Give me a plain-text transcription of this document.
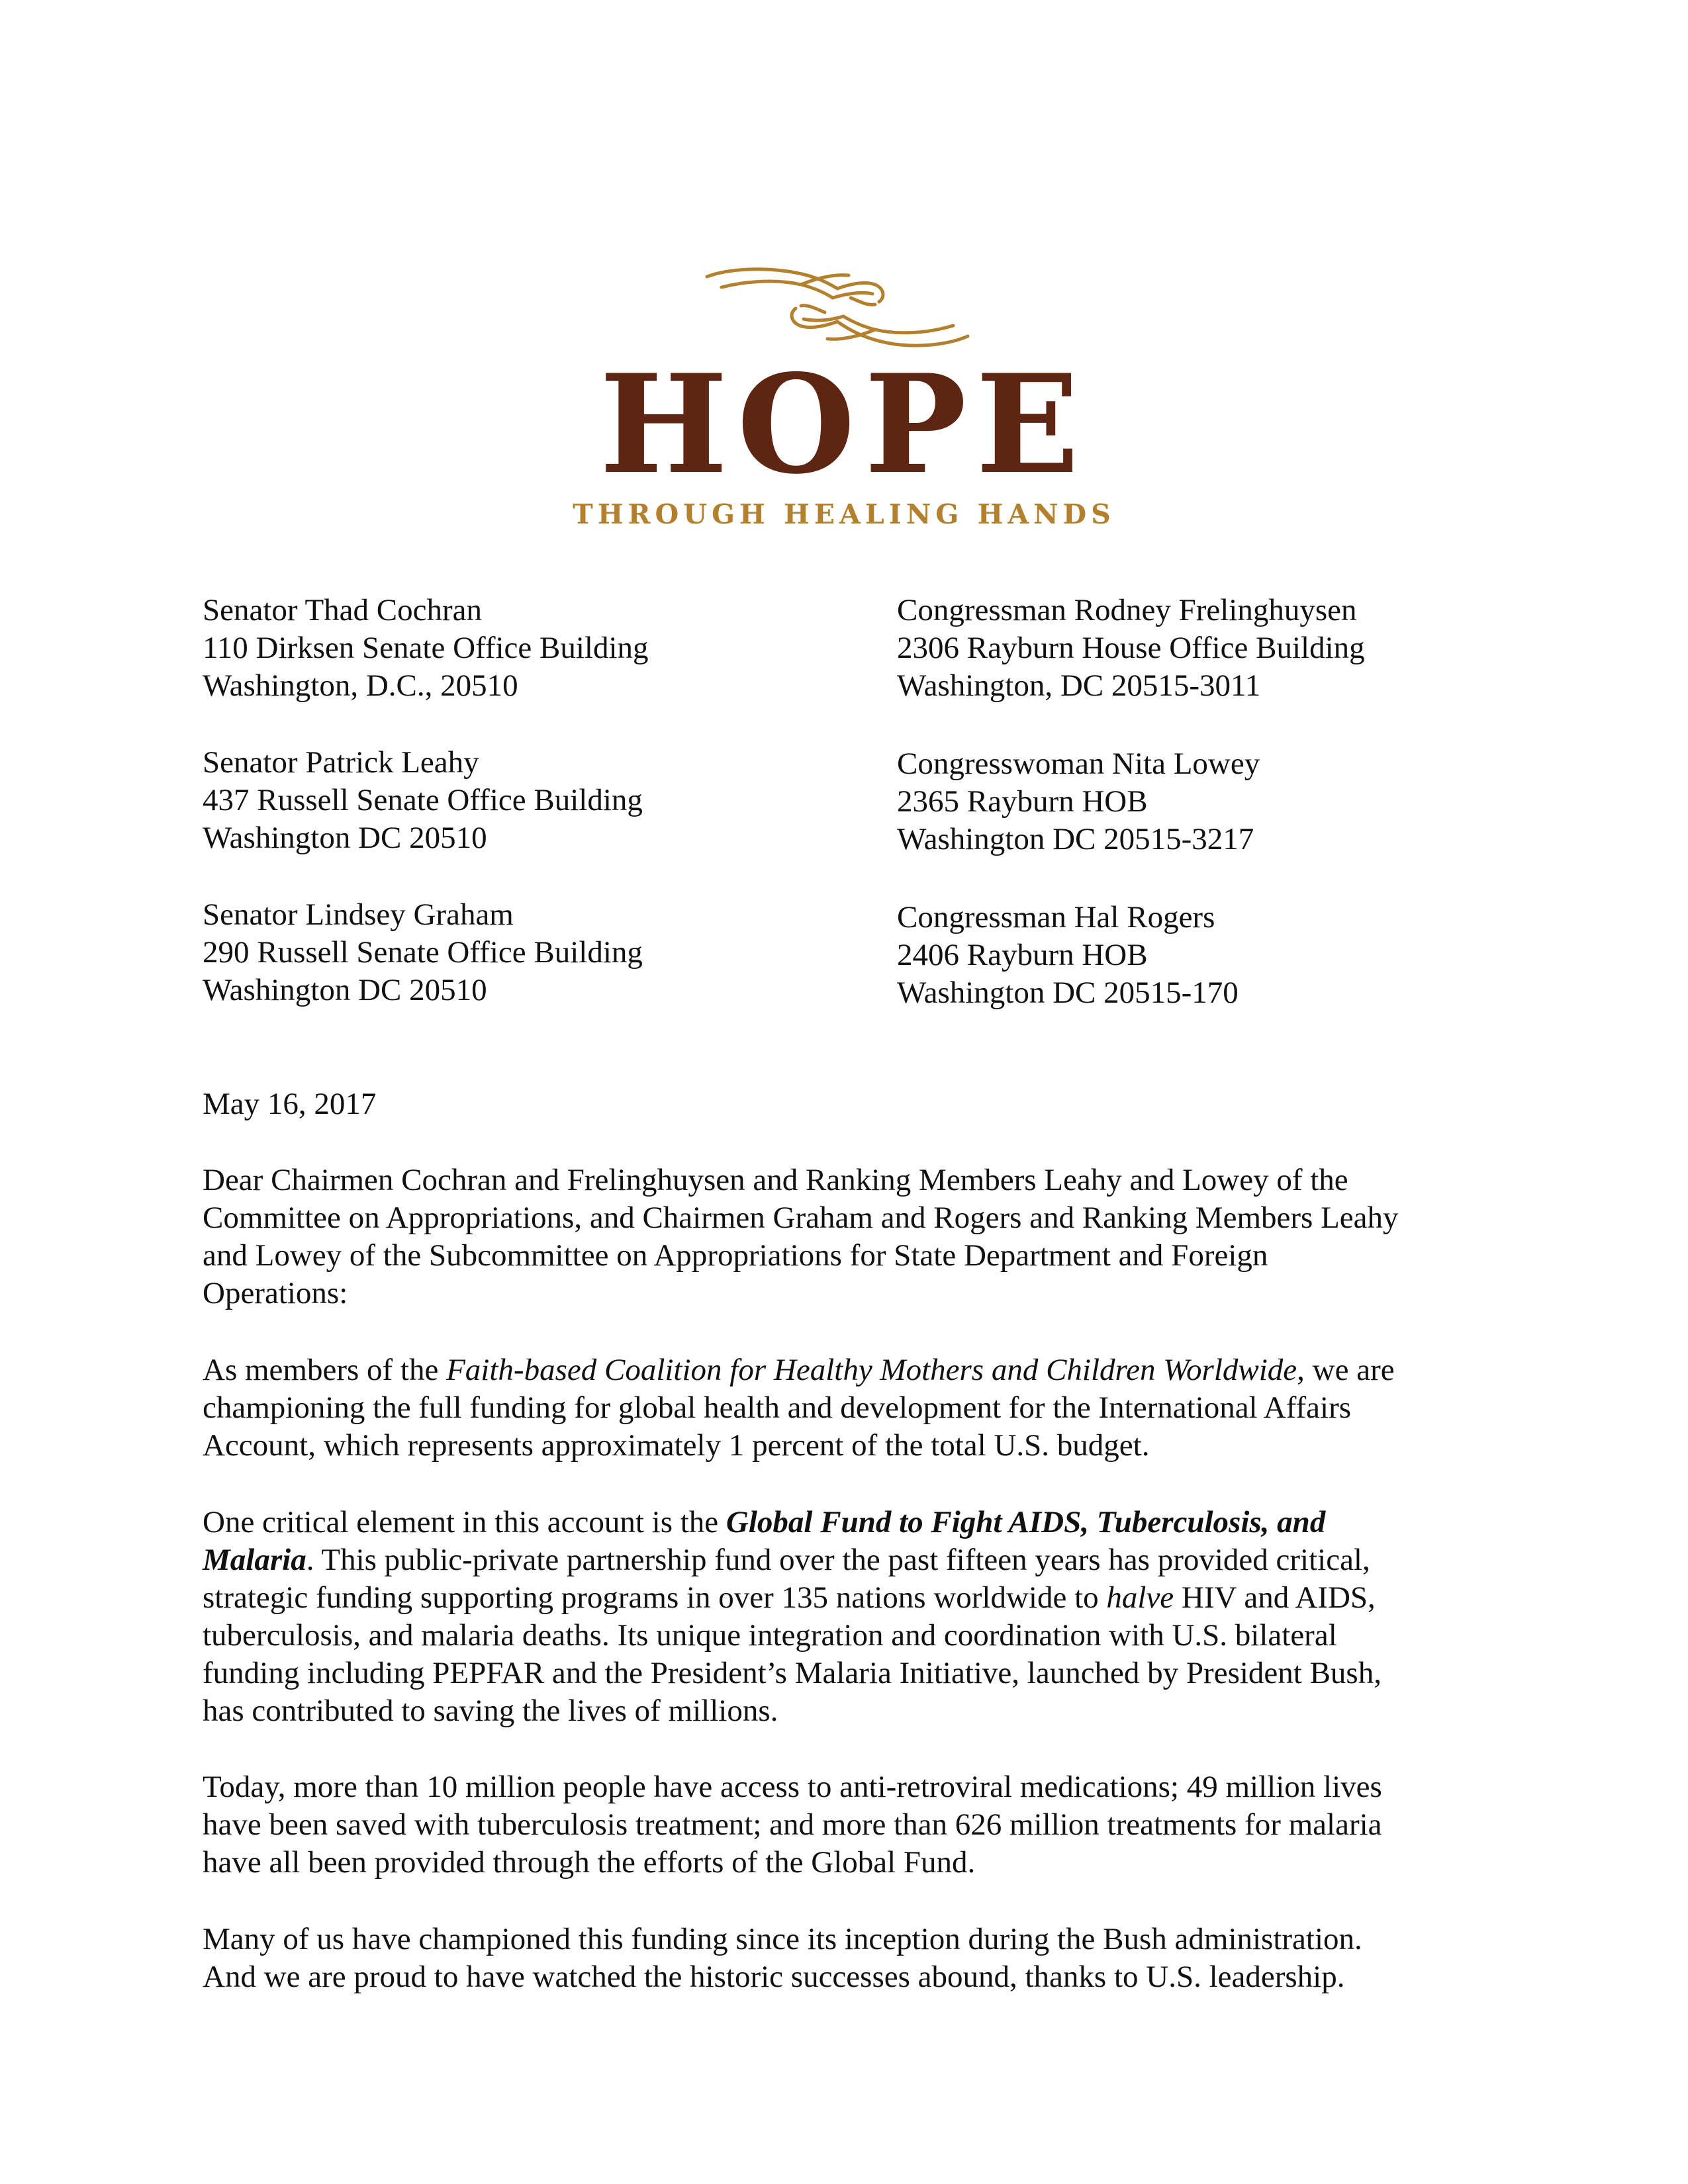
HOPE
THROUGH HEALING HANDS
Senator Thad Cochran
110 Dirksen Senate Office Building
Washington, D.C., 20510
Senator Patrick Leahy
437 Russell Senate Office Building
Washington DC 20510
Senator Lindsey Graham
290 Russell Senate Office Building
Washington DC 20510
Congressman Rodney Frelinghuysen
2306 Rayburn House Office Building
Washington, DC 20515-3011
Congresswoman Nita Lowey
2365 Rayburn HOB
Washington DC 20515-3217
Congressman Hal Rogers
2406 Rayburn HOB
Washington DC 20515-170
May 16, 2017
Dear Chairmen Cochran and Frelinghuysen and Ranking Members Leahy and Lowey of the
Committee on Appropriations, and Chairmen Graham and Rogers and Ranking Members Leahy
and Lowey of the Subcommittee on Appropriations for State Department and Foreign
Operations:
As members of the Faith-based Coalition for Healthy Mothers and Children Worldwide, we are
championing the full funding for global health and development for the International Affairs
Account, which represents approximately 1 percent of the total U.S. budget.
One critical element in this account is the Global Fund to Fight AIDS, Tuberculosis, and
Malaria. This public-private partnership fund over the past fifteen years has provided critical,
strategic funding supporting programs in over 135 nations worldwide to halve HIV and AIDS,
tuberculosis, and malaria deaths. Its unique integration and coordination with U.S. bilateral
funding including PEPFAR and the President’s Malaria Initiative, launched by President Bush,
has contributed to saving the lives of millions.
Today, more than 10 million people have access to anti-retroviral medications; 49 million lives
have been saved with tuberculosis treatment; and more than 626 million treatments for malaria
have all been provided through the efforts of the Global Fund.
Many of us have championed this funding since its inception during the Bush administration.
And we are proud to have watched the historic successes abound, thanks to U.S. leadership.
